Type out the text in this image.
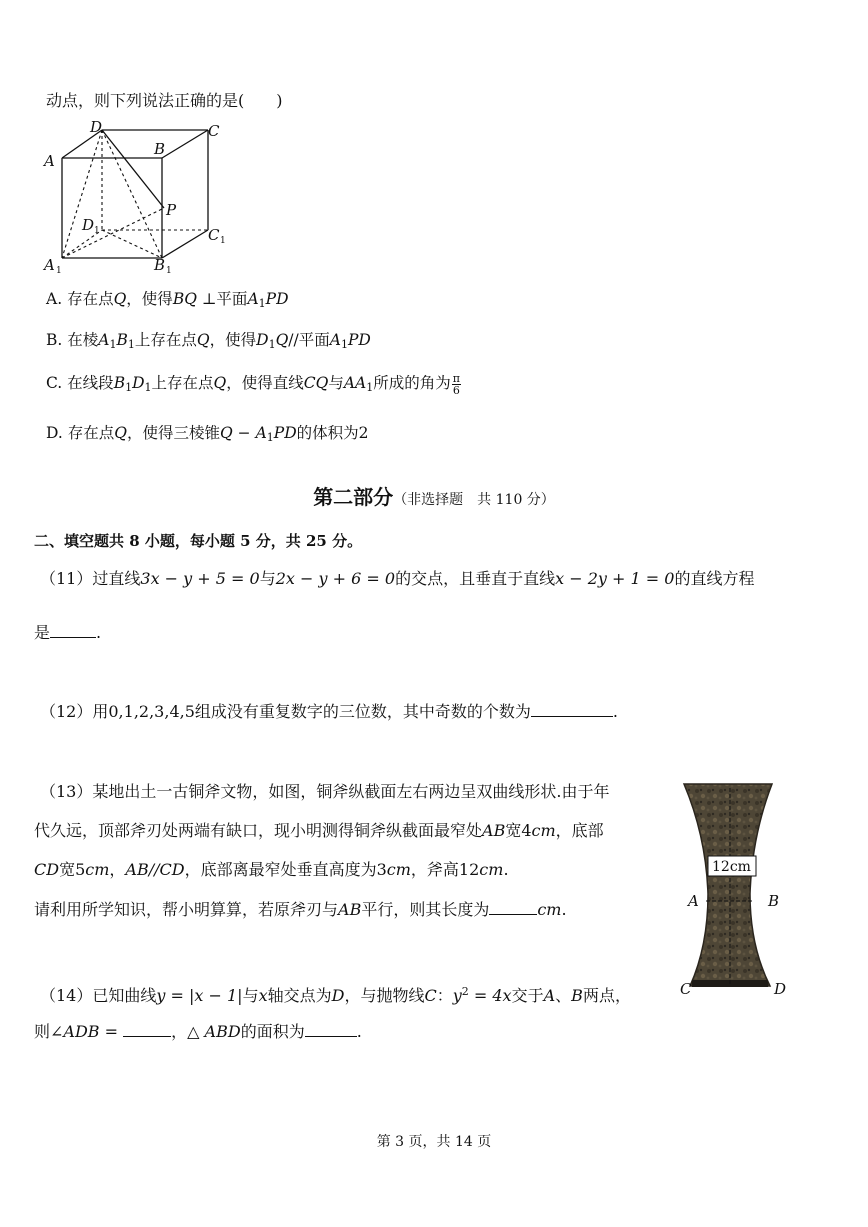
动点，则下列说法正确的是(　　)
D	C
A
B
P
D
C
A	B
1
1
1	1
A. 存在点Q，使得BQ ⊥平面$A_1PD$
B. 在棱$A_1B_1$上存在点Q，使得$D_1Q//$平面$A_1PD$
C. 在线段$B_1D_1$上存在点Q，使得直线CQ与$AA_1$所成的角为 $\frac{\pi}{6}$
D. 存在点Q，使得三棱锥$Q - A_1PD$的体积为2
第二部分（非选择题　共 110 分）
二、填空题共 8 小题，每小题 5 分，共 25 分。
（11）过直线3x − y + 5 = 0与2x − y + 6 = 0的交点，且垂直于直线x − 2y + 1 = 0的直线方程
是	.
（12）用0,1,2,3,4,5组成没有重复数字的三位数，其中奇数的个数为	.
（13）某地出土一古铜斧文物，如图，铜斧纵截面左右两边呈双曲线形状.由于年
代久远，顶部斧刃处两端有缺口，现小明测得铜斧纵截面最窄处AB宽4cm，底部
CD宽5cm，AB//CD，底部离最窄处垂直高度为3cm，斧高12cm.
请利用所学知识，帮小明算算，若原斧刃与AB平行，则其长度为	cm.
12cm
A	B
C	D
（14）已知曲线y = |x − 1|与x轴交点为D，与抛物线C：$y^2 = 4x$交于A、B两点，
则∠ADB =	，△ ABD的面积为	.
第 3 页，共 14 页
